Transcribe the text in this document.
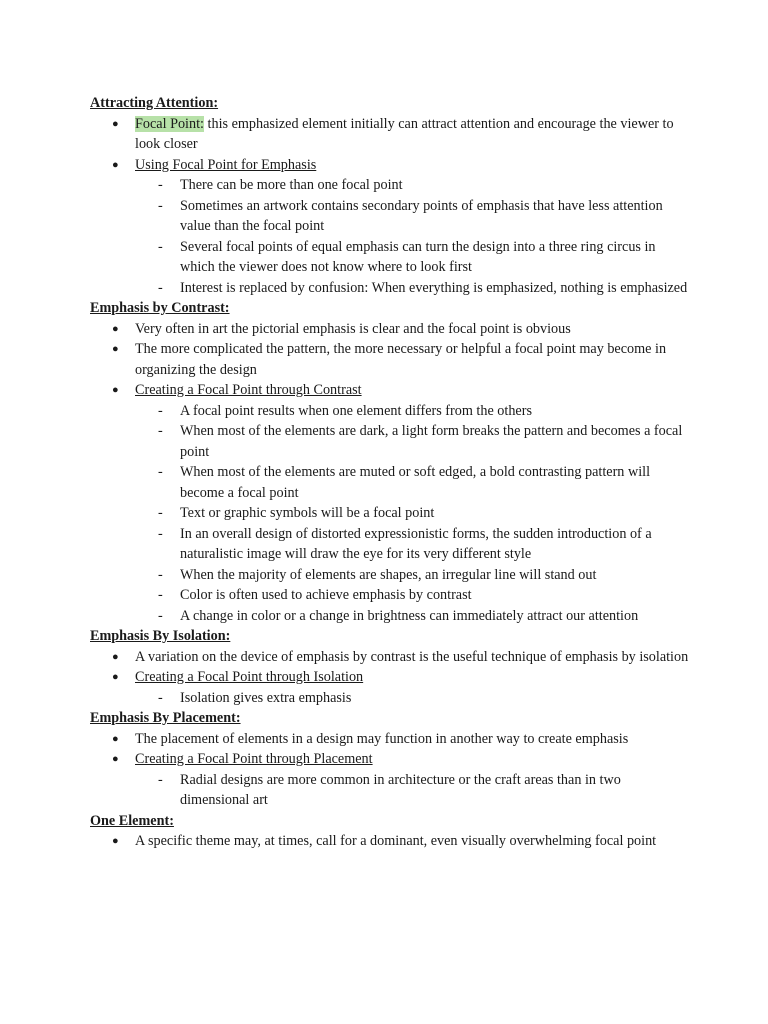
Attracting Attention:
●	Focal Point: this emphasized element initially can attract attention and encourage the viewer to look closer
●	Using Focal Point for Emphasis
-	There can be more than one focal point
-	Sometimes an artwork contains secondary points of emphasis that have less attention value than the focal point
-	Several focal points of equal emphasis can turn the design into a three ring circus in which the viewer does not know where to look first
-	Interest is replaced by confusion: When everything is emphasized, nothing is emphasized
Emphasis by Contrast:
●	Very often in art the pictorial emphasis is clear and the focal point is obvious
●	The more complicated the pattern, the more necessary or helpful a focal point may become in organizing the design
●	Creating a Focal Point through Contrast
-	A focal point results when one element differs from the others
-	When most of the elements are dark, a light form breaks the pattern and becomes a focal point
-	When most of the elements are muted or soft edged, a bold contrasting pattern will become a focal point
-	Text or graphic symbols will be a focal point
-	In an overall design of distorted expressionistic forms, the sudden introduction of a naturalistic image will draw the eye for its very different style
-	When the majority of elements are shapes, an irregular line will stand out
-	Color is often used to achieve emphasis by contrast
-	A change in color or a change in brightness can immediately attract our attention
Emphasis By Isolation:
●	A variation on the device of emphasis by contrast is the useful technique of emphasis by isolation
●	Creating a Focal Point through Isolation
-	Isolation gives extra emphasis
Emphasis By Placement:
●	The placement of elements in a design may function in another way to create emphasis
●	Creating a Focal Point through Placement
-	Radial designs are more common in architecture or the craft areas than in two dimensional art
One Element:
●	A specific theme may, at times, call for a dominant, even visually overwhelming focal point
